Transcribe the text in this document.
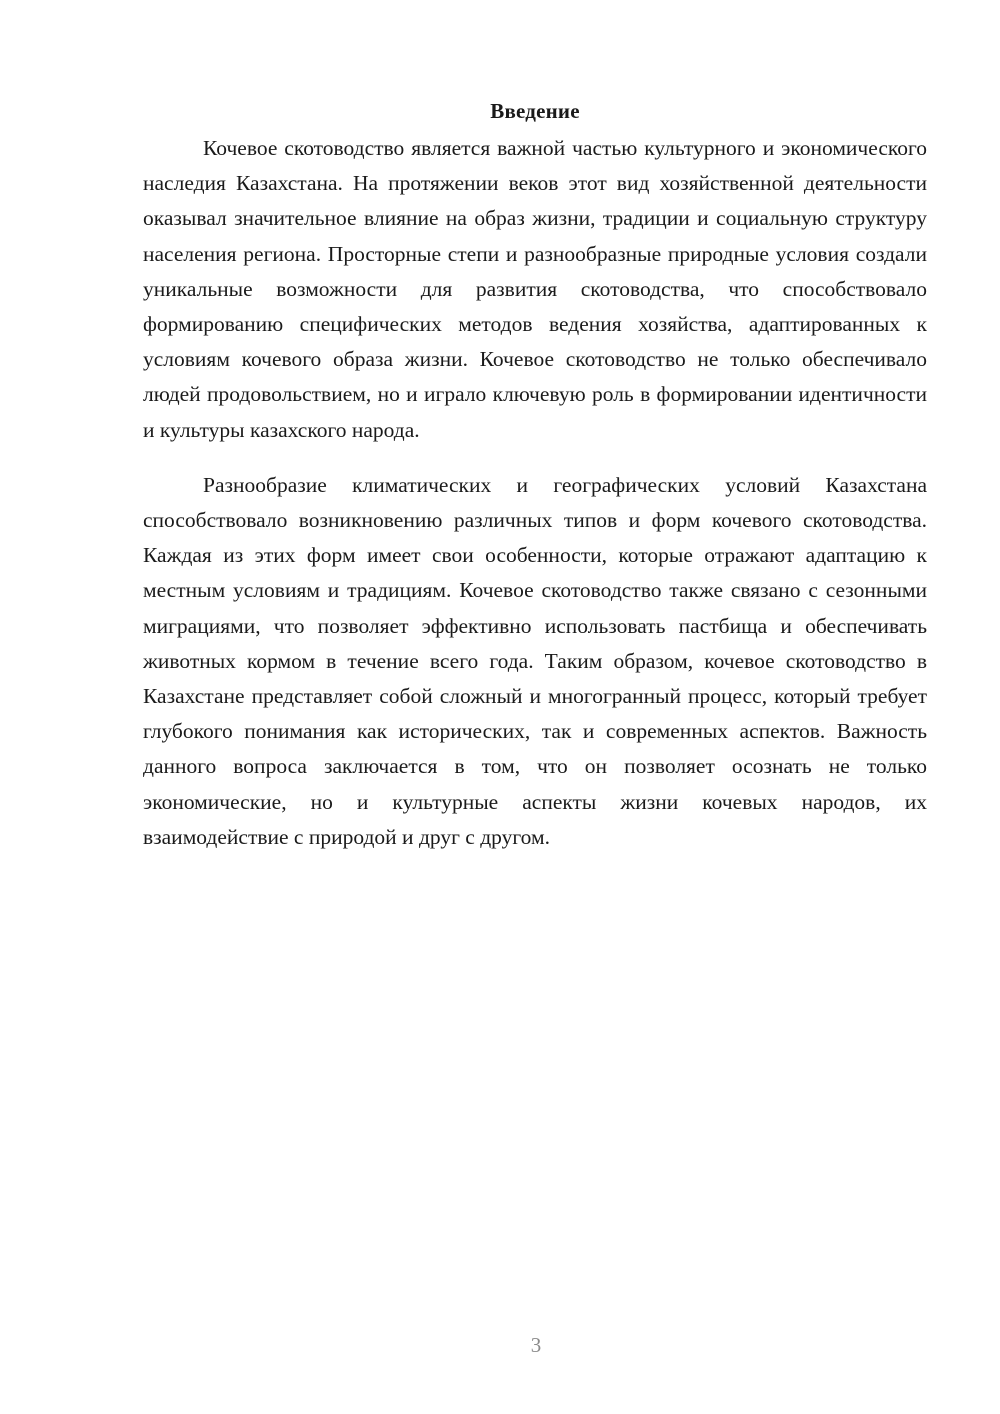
Введение

Кочевое скотоводство является важной частью культурного и экономического наследия Казахстана. На протяжении веков этот вид хозяйственной деятельности оказывал значительное влияние на образ жизни, традиции и социальную структуру населения региона. Просторные степи и разнообразные природные условия создали уникальные возможности для развития скотоводства, что способствовало формированию специфических методов ведения хозяйства, адаптированных к условиям кочевого образа жизни. Кочевое скотоводство не только обеспечивало людей продовольствием, но и играло ключевую роль в формировании идентичности и культуры казахского народа.

Разнообразие климатических и географических условий Казахстана способствовало возникновению различных типов и форм кочевого скотоводства. Каждая из этих форм имеет свои особенности, которые отражают адаптацию к местным условиям и традициям. Кочевое скотоводство также связано с сезонными миграциями, что позволяет эффективно использовать пастбища и обеспечивать животных кормом в течение всего года. Таким образом, кочевое скотоводство в Казахстане представляет собой сложный и многогранный процесс, который требует глубокого понимания как исторических, так и современных аспектов. Важность данного вопроса заключается в том, что он позволяет осознать не только экономические, но и культурные аспекты жизни кочевых народов, их взаимодействие с природой и друг с другом.

3
